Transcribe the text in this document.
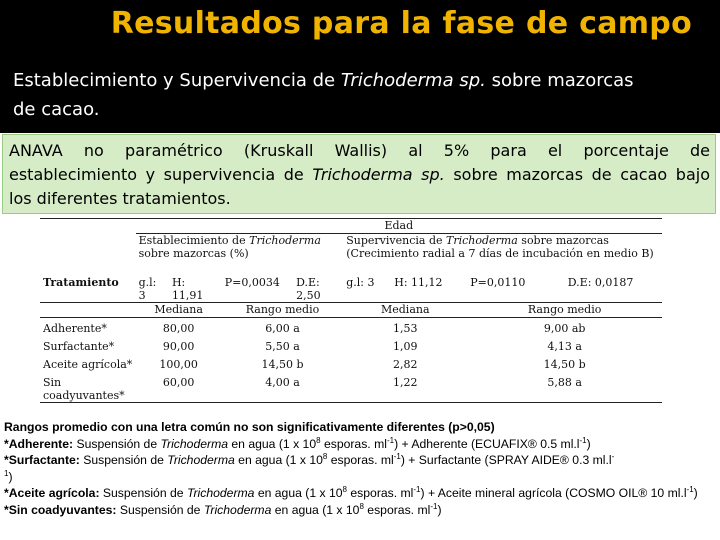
Resultados para la fase de campo
Establecimiento y Supervivencia de Trichoderma sp. sobre mazorcas
de cacao.
ANAVA no paramétrico (Kruskall Wallis) al 5% para el porcentaje de
establecimiento y supervivencia de Trichoderma sp. sobre mazorcas de cacao bajo
los diferentes tratamientos.
	Edad							
	Establecimiento de Trichoderma sobre mazorcas (%)				Supervivencia de Trichoderma sobre mazorcas (Crecimiento radial a 7 días de incubación en medio B)			
Tratamiento	g.l: 3	H: 11,91	P=0,0034	D.E: 2,50	g.l: 3	H: 11,12	P=0,0110	D.E: 0,0187
	Mediana		Rango medio		Mediana		Rango medio	
Adherente*	80,00		6,00 a		1,53		9,00 ab	
Surfactante*	90,00		5,50 a		1,09		4,13 a	
Aceite agrícola*	100,00		14,50 b		2,82		14,50 b	
Sin coadyuvantes*	60,00		4,00 a		1,22		5,88 a	
Rangos promedio con una letra común no son significativamente diferentes (p>0,05)
*Adherente: Suspensión de Trichoderma en agua (1 x $10^8$ esporas. $ml^{-1}$) + Adherente (ECUAFIX® 0.5 $ml.l^{-1}$)
*Surfactante: Suspensión de Trichoderma en agua (1 x $10^8$ esporas. $ml^{-1}$) + Surfactante (SPRAY AIDE® 0.3 ml.l-
$^1$)
*Aceite agrícola: Suspensión de Trichoderma en agua (1 x $10^8$ esporas. $ml^{-1}$) + Aceite mineral agrícola (COSMO OIL® 10 $ml.l^{-1}$)
*Sin coadyuvantes: Suspensión de Trichoderma en agua (1 x $10^8$ esporas. $ml^{-1}$)
